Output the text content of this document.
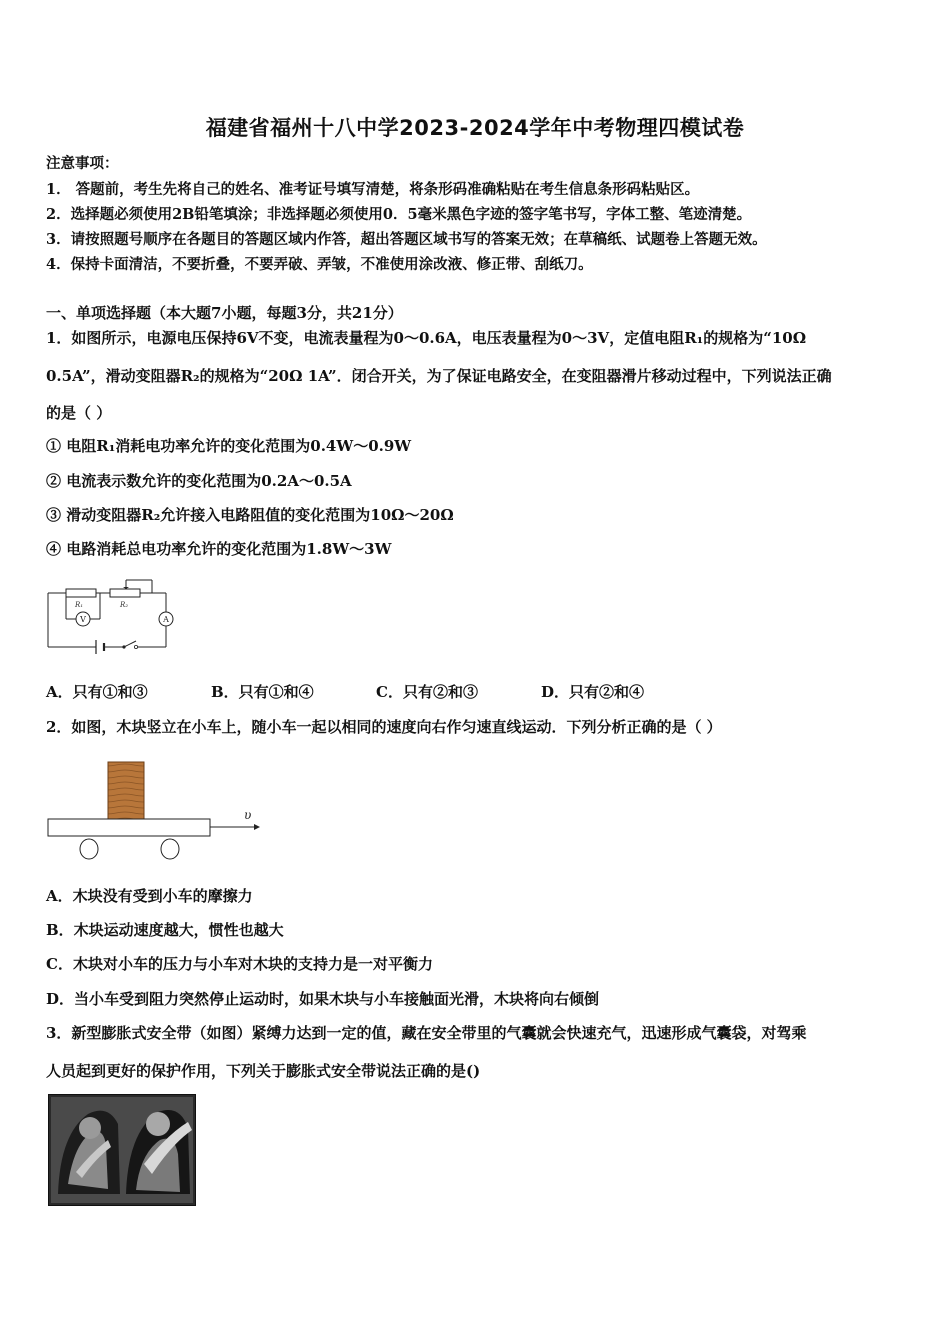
福建省福州十八中学2023-2024学年中考物理四模试卷
注意事项：
1． 答题前，考生先将自己的姓名、准考证号填写清楚，将条形码准确粘贴在考生信息条形码粘贴区。
2．选择题必须使用2B铅笔填涂；非选择题必须使用0．5毫米黑色字迹的签字笔书写，字体工整、笔迹清楚。
3．请按照题号顺序在各题目的答题区域内作答，超出答题区域书写的答案无效；在草稿纸、试题卷上答题无效。
4．保持卡面清洁，不要折叠，不要弄破、弄皱，不准使用涂改液、修正带、刮纸刀。
一、单项选择题（本大题7小题，每题3分，共21分）
1．如图所示，电源电压保持6V不变，电流表量程为0～0.6A，电压表量程为0～3V，定值电阻R₁的规格为“10Ω
0.5A”，滑动变阻器R₂的规格为“20Ω 1A”．闭合开关，为了保证电路安全，在变阻器滑片移动过程中，下列说法正确
的是（ ）
① 电阻R₁消耗电功率允许的变化范围为0.4W～0.9W
② 电流表示数允许的变化范围为0.2A～0.5A
③ 滑动变阻器R₂允许接入电路阻值的变化范围为10Ω～20Ω
④ 电路消耗总电功率允许的变化范围为1.8W～3W
R₁	R₂
V	A
A．只有①和③	B．只有①和④	C．只有②和③	D．只有②和④
2．如图，木块竖立在小车上，随小车一起以相同的速度向右作匀速直线运动．下列分析正确的是（ ）
υ
A．木块没有受到小车的摩擦力
B．木块运动速度越大，惯性也越大
C．木块对小车的压力与小车对木块的支持力是一对平衡力
D．当小车受到阻力突然停止运动时，如果木块与小车接触面光滑，木块将向右倾倒
3．新型膨胀式安全带（如图）紧缚力达到一定的值，藏在安全带里的气囊就会快速充气，迅速形成气囊袋，对驾乘
人员起到更好的保护作用，下列关于膨胀式安全带说法正确的是()
